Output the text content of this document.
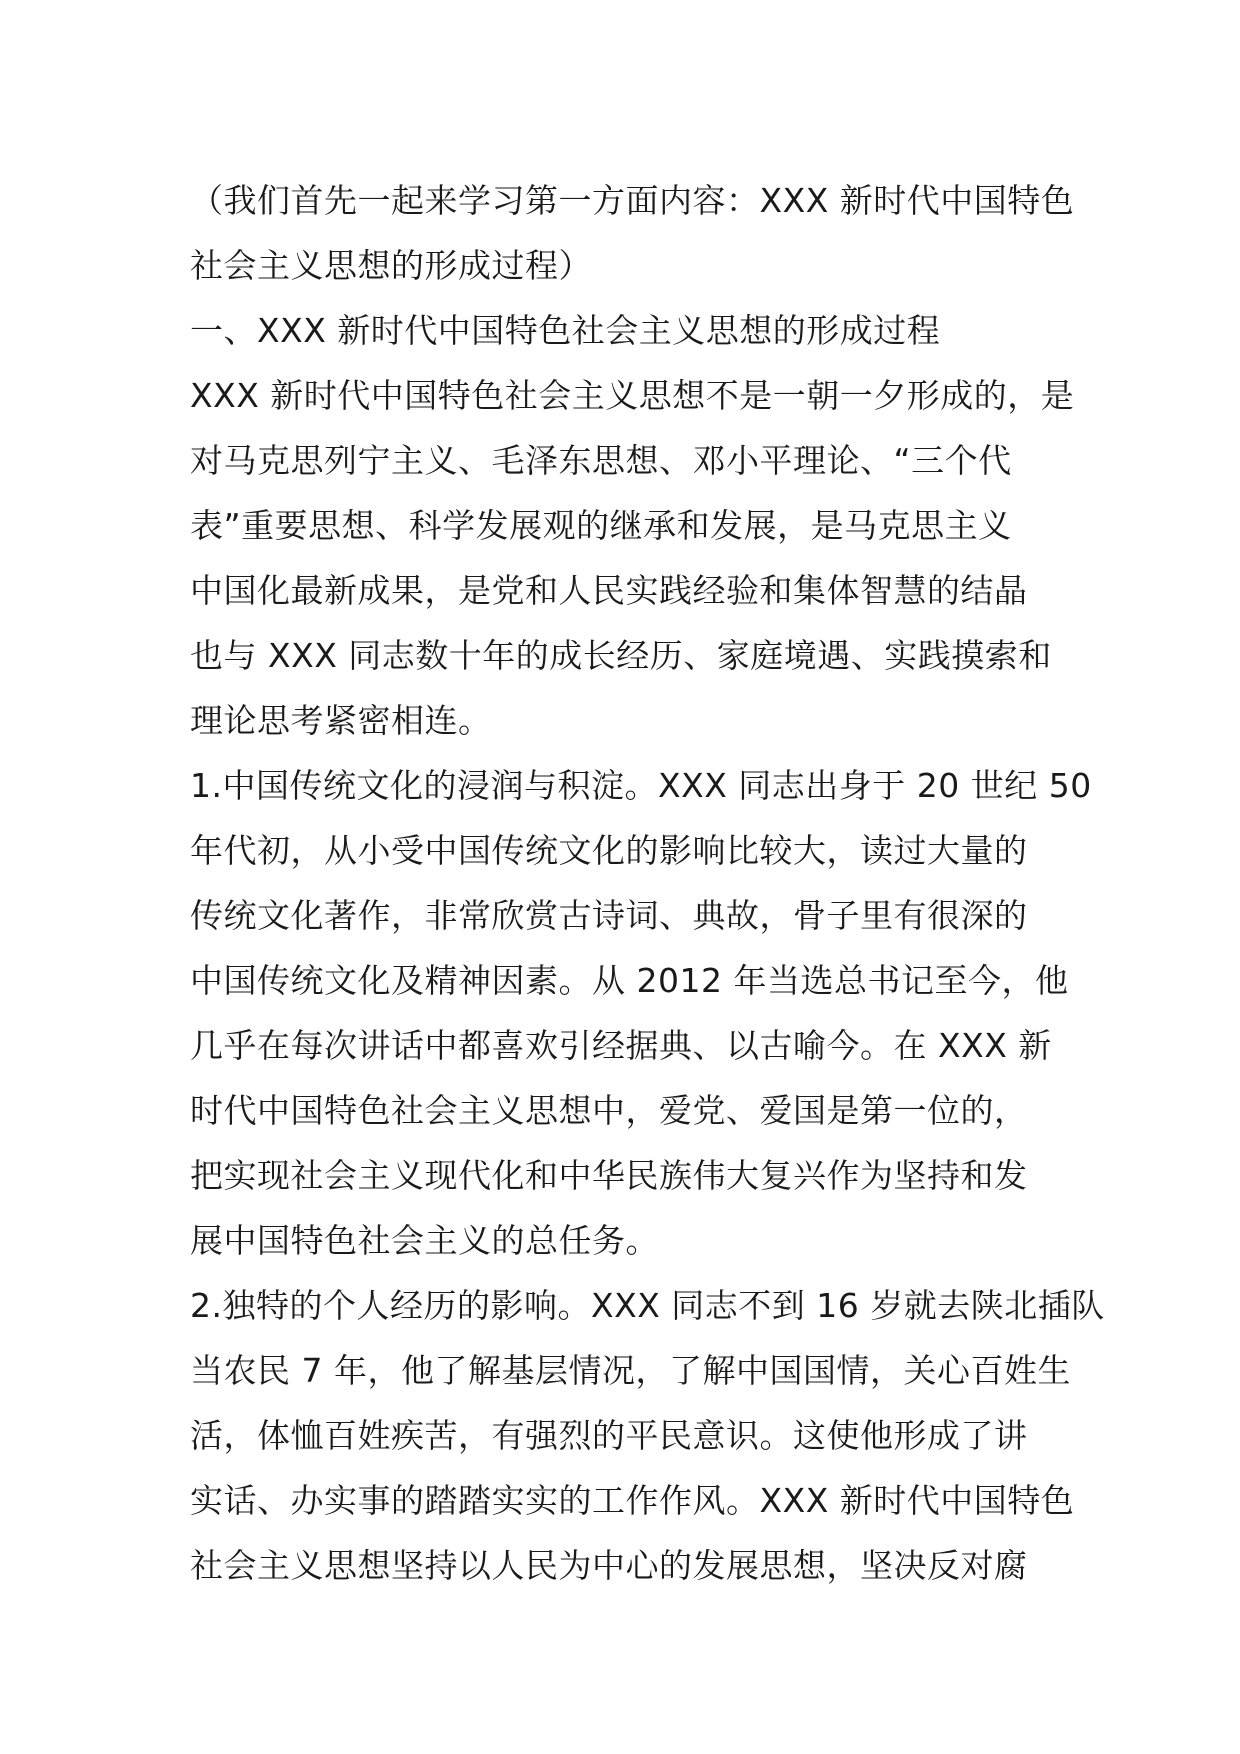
（我们首先一起来学习第一方面内容：XXX 新时代中国特色
社会主义思想的形成过程）
一、XXX 新时代中国特色社会主义思想的形成过程
XXX 新时代中国特色社会主义思想不是一朝一夕形成的，是
对马克思列宁主义、毛泽东思想、邓小平理论、“三个代
表”重要思想、科学发展观的继承和发展，是马克思主义
中国化最新成果，是党和人民实践经验和集体智慧的结晶
也与 XXX 同志数十年的成长经历、家庭境遇、实践摸索和
理论思考紧密相连。
1.中国传统文化的浸润与积淀。XXX 同志出身于 20 世纪 50
年代初，从小受中国传统文化的影响比较大，读过大量的
传统文化著作，非常欣赏古诗词、典故，骨子里有很深的
中国传统文化及精神因素。从 2012 年当选总书记至今，他
几乎在每次讲话中都喜欢引经据典、以古喻今。在 XXX 新
时代中国特色社会主义思想中，爱党、爱国是第一位的，
把实现社会主义现代化和中华民族伟大复兴作为坚持和发
展中国特色社会主义的总任务。
2.独特的个人经历的影响。XXX 同志不到 16 岁就去陕北插队
当农民 7 年，他了解基层情况，了解中国国情，关心百姓生
活，体恤百姓疾苦，有强烈的平民意识。这使他形成了讲
实话、办实事的踏踏实实的工作作风。XXX 新时代中国特色
社会主义思想坚持以人民为中心的发展思想，坚决反对腐
